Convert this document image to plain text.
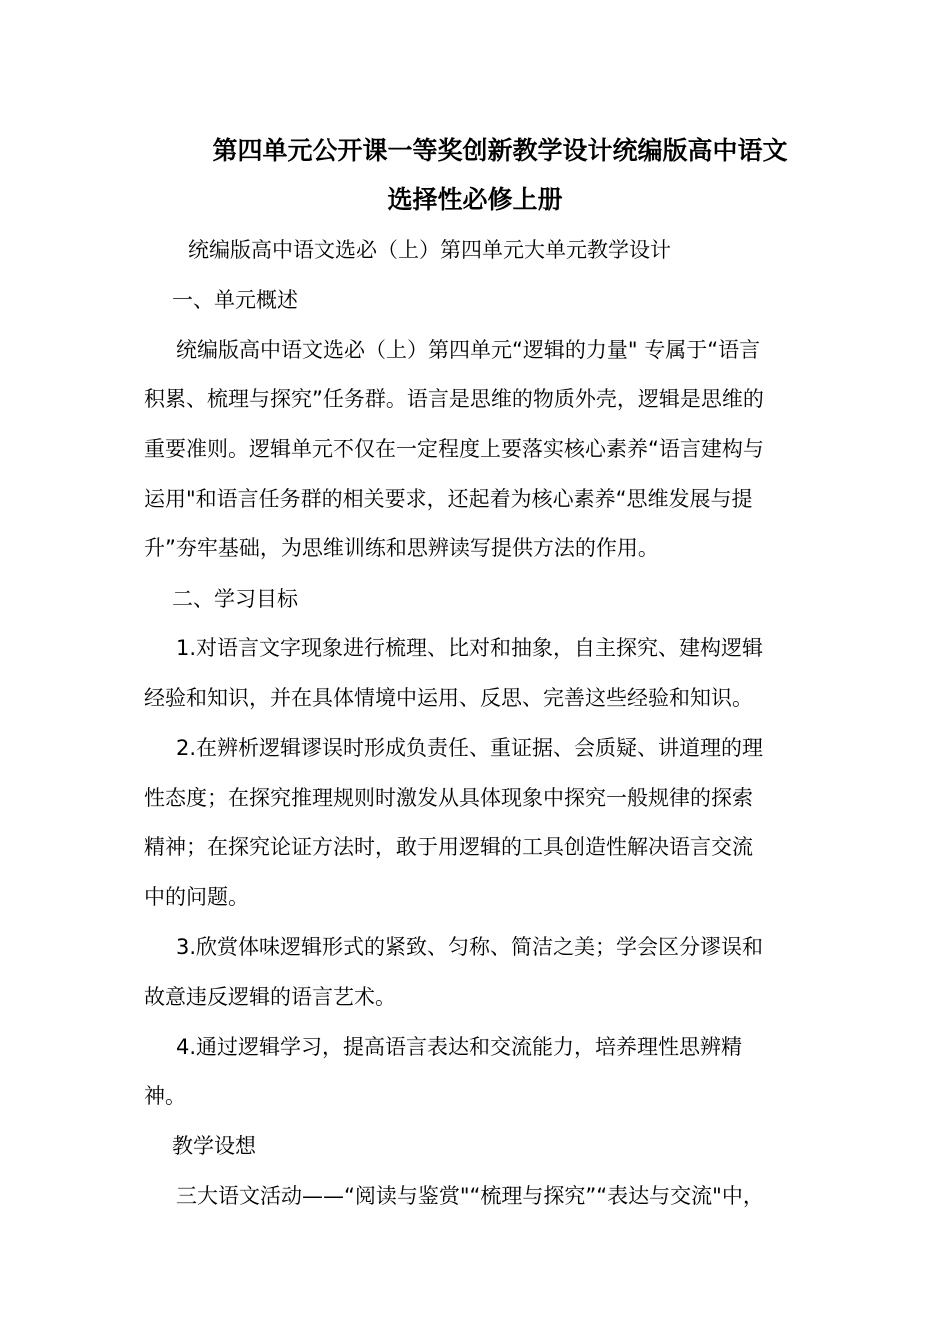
第四单元公开课一等奖创新教学设计统编版高中语文
选择性必修上册
统编版高中语文选必（上）第四单元大单元教学设计
一、单元概述
统编版高中语文选必（上）第四单元“逻辑的力量" 专属于“语言
积累、梳理与探究”任务群。语言是思维的物质外壳，逻辑是思维的
重要准则。逻辑单元不仅在一定程度上要落实核心素养“语言建构与
运用"和语言任务群的相关要求，还起着为核心素养“思维发展与提
升”夯牢基础，为思维训练和思辨读写提供方法的作用。
二、学习目标
1.对语言文字现象进行梳理、比对和抽象，自主探究、建构逻辑
经验和知识，并在具体情境中运用、反思、完善这些经验和知识。
2.在辨析逻辑谬误时形成负责任、重证据、会质疑、讲道理的理
性态度；在探究推理规则时激发从具体现象中探究一般规律的探索
精神；在探究论证方法时，敢于用逻辑的工具创造性解决语言交流
中的问题。
3.欣赏体味逻辑形式的紧致、匀称、简洁之美；学会区分谬误和
故意违反逻辑的语言艺术。
4.通过逻辑学习，提高语言表达和交流能力，培养理性思辨精
神。
教学设想
三大语文活动——“阅读与鉴赏"“梳理与探究”“表达与交流"中，
